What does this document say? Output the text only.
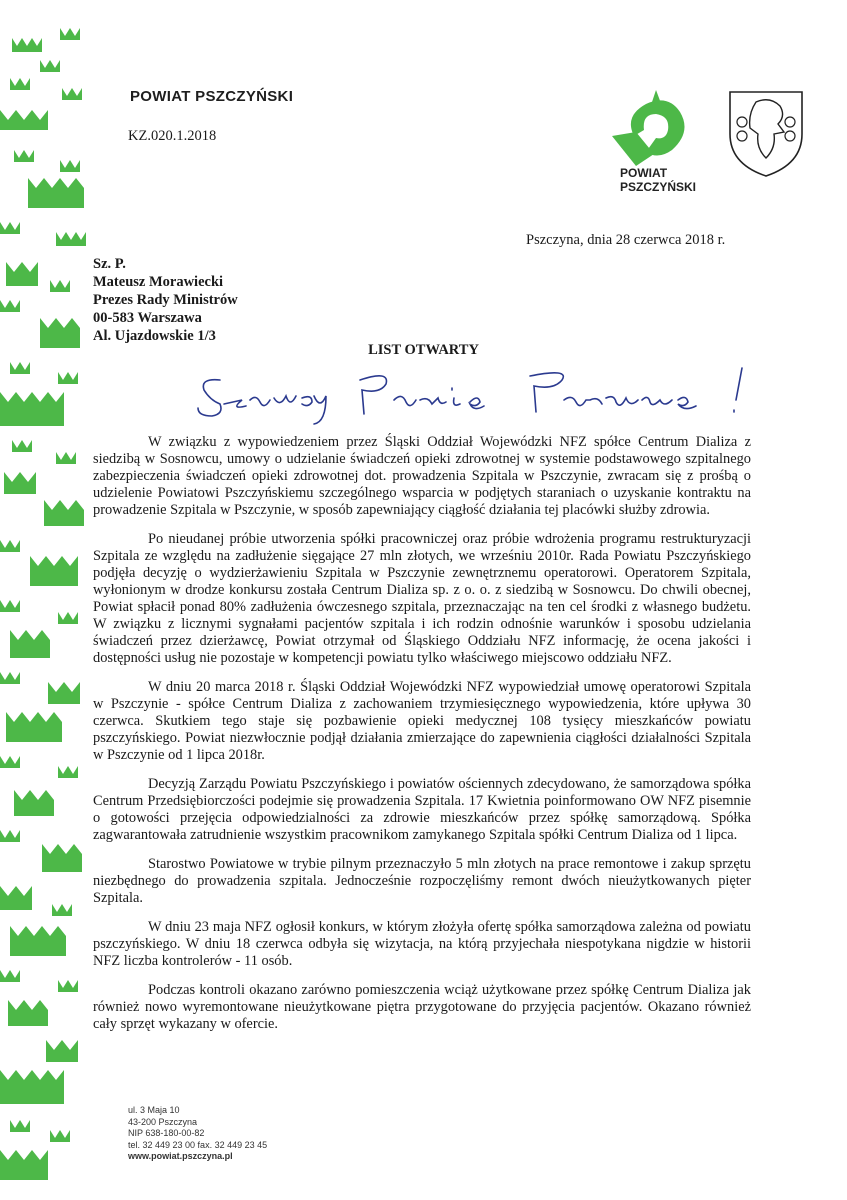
POWIAT PSZCZYŃSKI
KZ.020.1.2018
POWIAT
PSZCZYŃSKI
Pszczyna, dnia 28 czerwca 2018 r.
Sz. P.
Mateusz Morawiecki
Prezes Rady Ministrów
00-583 Warszawa
Al. Ujazdowskie 1/3
LIST OTWARTY

W związku z wypowiedzeniem przez Śląski Oddział Wojewódzki NFZ spółce Centrum Dializa z siedzibą w Sosnowcu, umowy o udzielanie świadczeń opieki zdrowotnej w systemie podstawowego szpitalnego zabezpieczenia świadczeń opieki zdrowotnej dot. prowadzenia Szpitala w Pszczynie, zwracam się z prośbą o udzielenie Powiatowi Pszczyńskiemu szczególnego wsparcia w podjętych staraniach o uzyskanie kontraktu na prowadzenie Szpitala w Pszczynie, w sposób zapewniający ciągłość działania tej placówki służby zdrowia.

Po nieudanej próbie utworzenia spółki pracowniczej oraz próbie wdrożenia programu restrukturyzacji Szpitala ze względu na zadłużenie sięgające 27 mln złotych, we wrześniu 2010r. Rada Powiatu Pszczyńskiego podjęła decyzję o wydzierżawieniu Szpitala w Pszczynie zewnętrznemu operatorowi. Operatorem Szpitala, wyłonionym w drodze konkursu została Centrum Dializa sp. z o. o. z siedzibą w Sosnowcu. Do chwili obecnej, Powiat spłacił ponad 80% zadłużenia ówczesnego szpitala, przeznaczając na ten cel środki z własnego budżetu. W związku z licznymi sygnałami pacjentów szpitala i ich rodzin odnośnie warunków i sposobu udzielania świadczeń przez dzierżawcę, Powiat otrzymał od Śląskiego Oddziału NFZ informację, że ocena jakości i dostępności usług nie pozostaje w kompetencji powiatu tylko właściwego miejscowo oddziału NFZ.

W dniu 20 marca 2018 r. Śląski Oddział Wojewódzki NFZ wypowiedział umowę operatorowi Szpitala w Pszczynie - spółce Centrum Dializa z zachowaniem trzymiesięcznego wypowiedzenia, które upływa 30 czerwca. Skutkiem tego staje się pozbawienie opieki medycznej 108 tysięcy mieszkańców powiatu pszczyńskiego. Powiat niezwłocznie podjął działania zmierzające do zapewnienia ciągłości działalności Szpitala w Pszczynie od 1 lipca 2018r.

Decyzją Zarządu Powiatu Pszczyńskiego i powiatów ościennych zdecydowano, że samorządowa spółka Centrum Przedsiębiorczości podejmie się prowadzenia Szpitala. 17 Kwietnia poinformowano OW NFZ pisemnie o gotowości przejęcia odpowiedzialności za zdrowie mieszkańców przez spółkę samorządową. Spółka zagwarantowała zatrudnienie wszystkim pracownikom zamykanego Szpitala spółki Centrum Dializa od 1 lipca.

Starostwo Powiatowe w trybie pilnym przeznaczyło 5 mln złotych na prace remontowe i zakup sprzętu niezbędnego do prowadzenia szpitala. Jednocześnie rozpoczęliśmy remont dwóch nieużytkowanych pięter Szpitala.

W dniu 23 maja NFZ ogłosił konkurs, w którym złożyła ofertę spółka samorządowa zależna od powiatu pszczyńskiego. W dniu 18 czerwca odbyła się wizytacja, na którą przyjechała niespotykana nigdzie w historii NFZ liczba kontrolerów - 11 osób.

Podczas kontroli okazano zarówno pomieszczenia wciąż użytkowane przez spółkę Centrum Dializa jak również nowo wyremontowane nieużytkowane piętra przygotowane do przyjęcia pacjentów. Okazano również cały sprzęt wykazany w ofercie.

ul. 3 Maja 10
43-200 Pszczyna
NIP 638-180-00-82
tel. 32 449 23 00 fax. 32 449 23 45
www.powiat.pszczyna.pl
